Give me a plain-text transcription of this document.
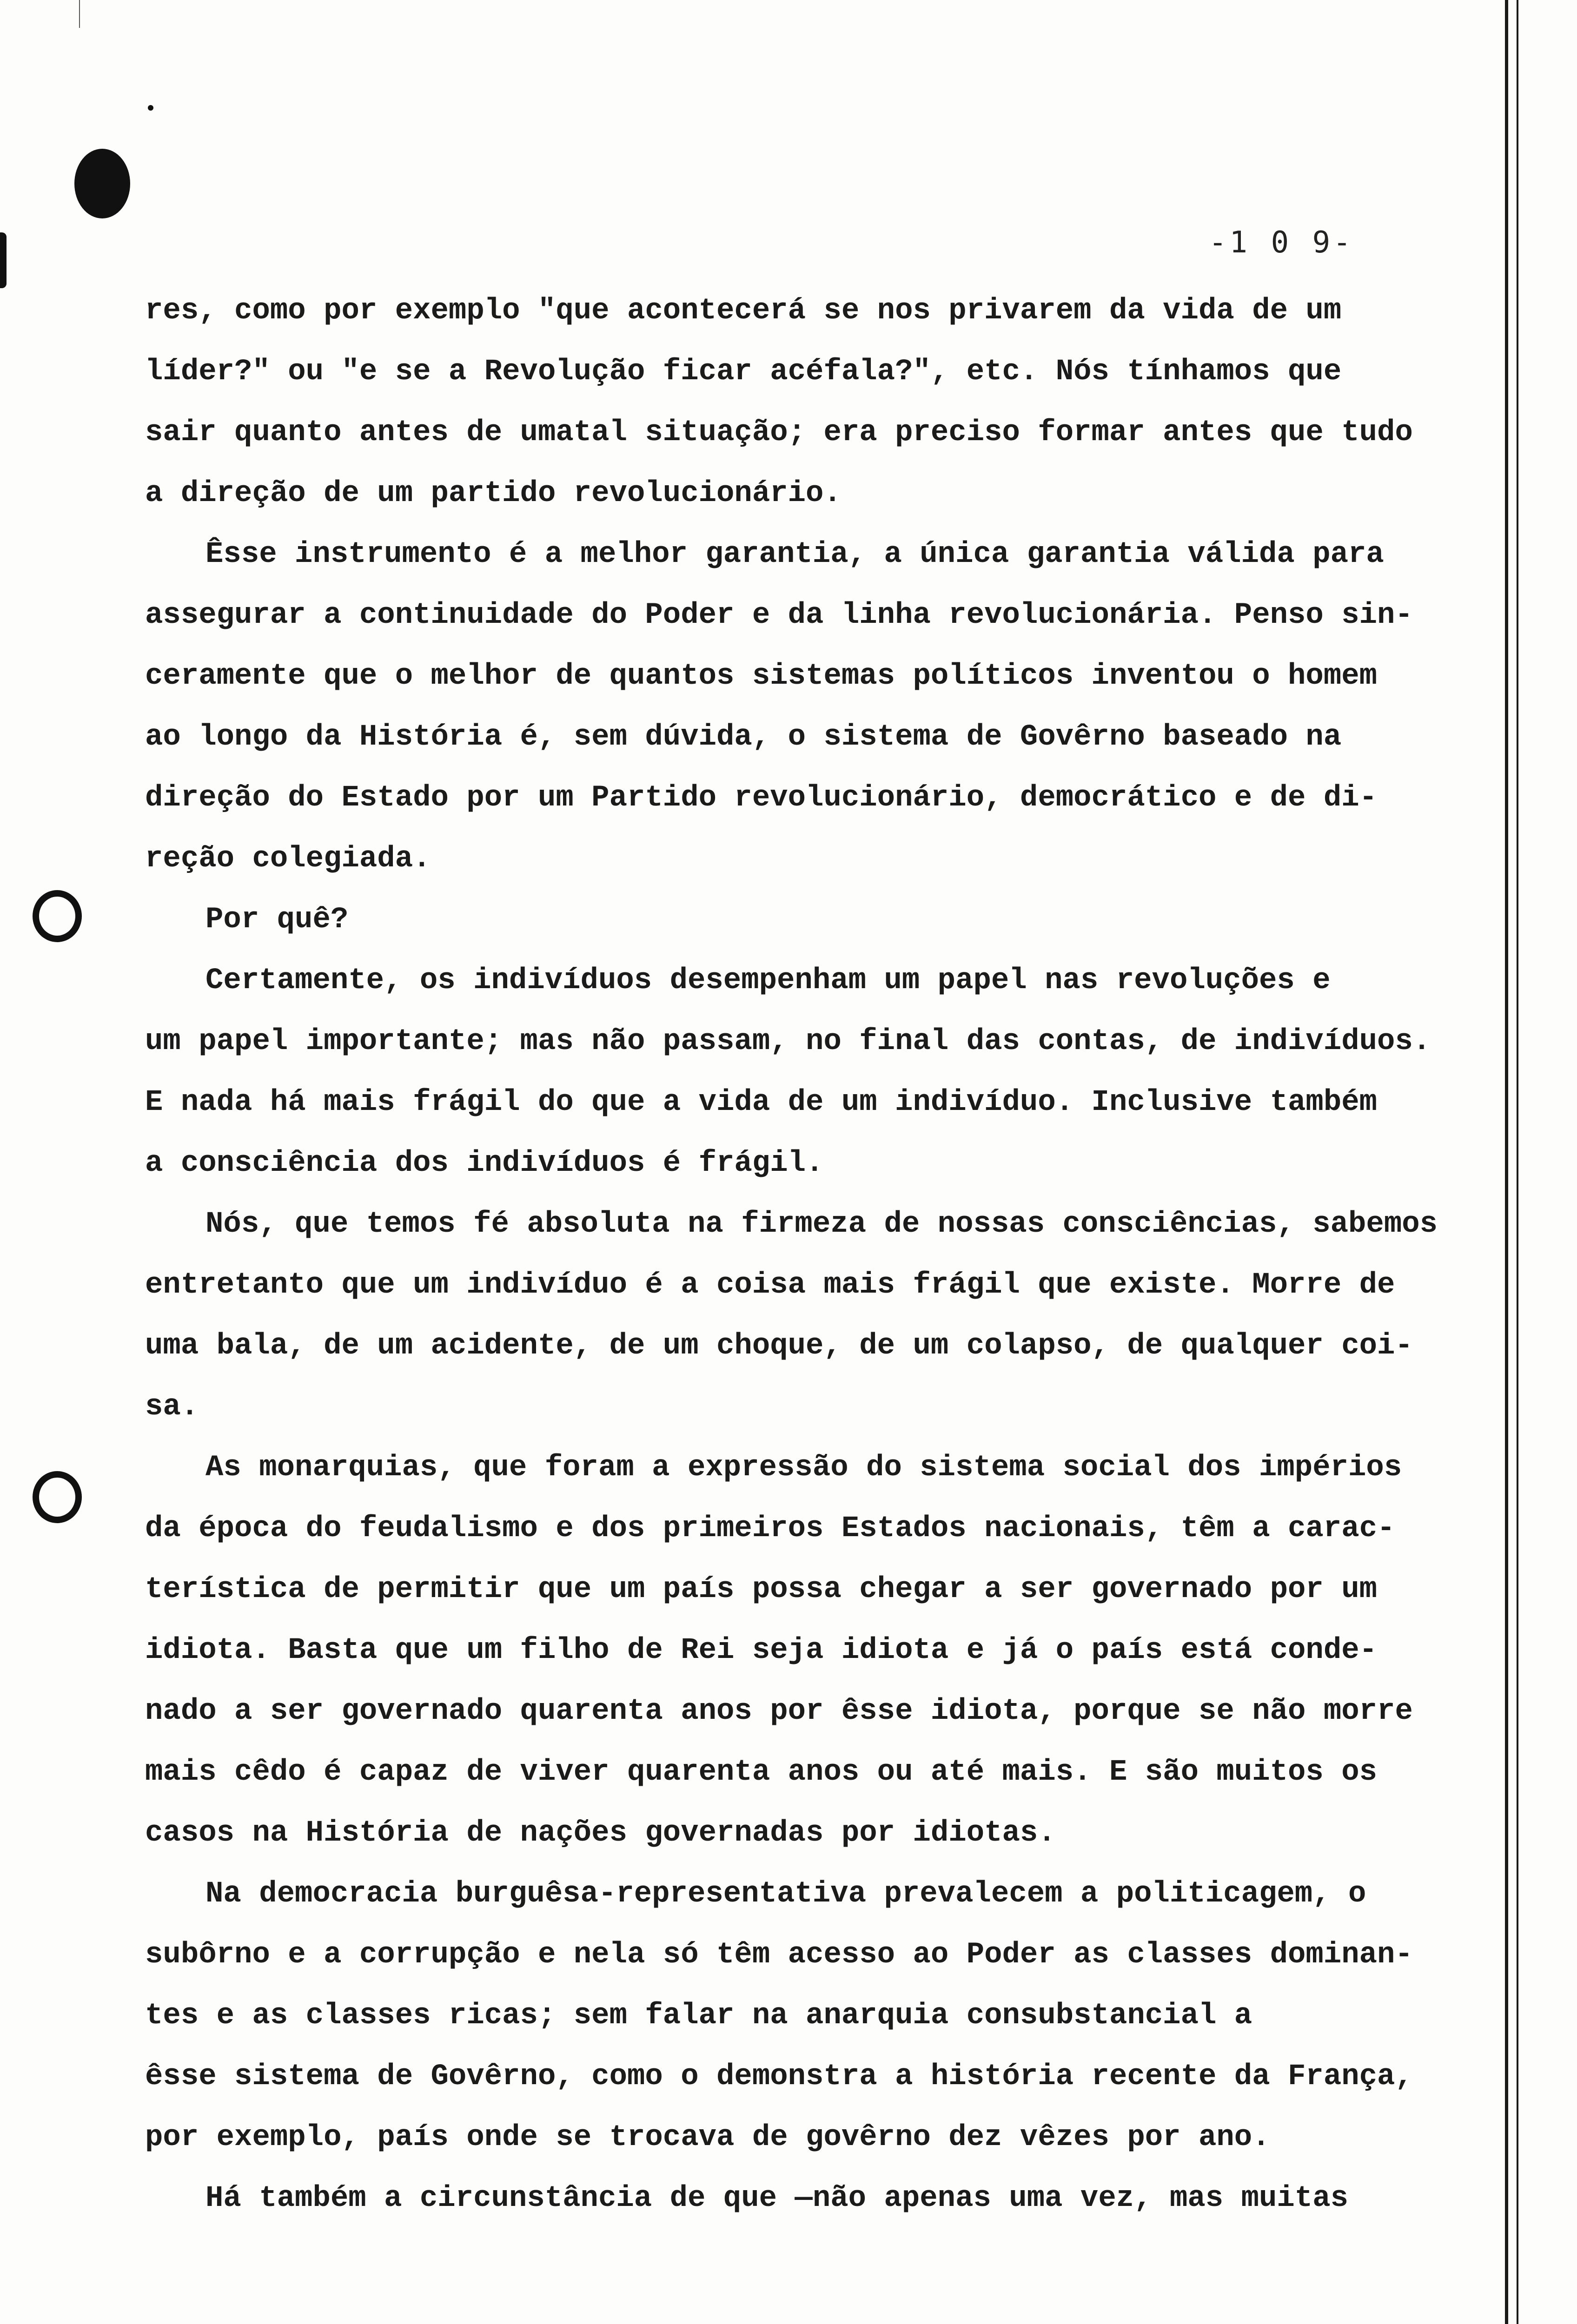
-1 0 9-

res, como por exemplo "que acontecerá se nos privarem da vida de um
líder?" ou "e se a Revolução ficar acéfala?", etc. Nós tínhamos que
sair quanto antes de umatal situação; era preciso formar antes que tudo
a direção de um partido revolucionário.
Êsse instrumento é a melhor garantia, a única garantia válida para
assegurar a continuidade do Poder e da linha revolucionária. Penso sin-
ceramente que o melhor de quantos sistemas políticos inventou o homem
ao longo da História é, sem dúvida, o sistema de Govêrno baseado na
direção do Estado por um Partido revolucionário, democrático e de di-
reção colegiada.
Por quê?
Certamente, os indivíduos desempenham um papel nas revoluções e
um papel importante; mas não passam, no final das contas, de indivíduos.
E nada há mais frágil do que a vida de um indivíduo. Inclusive também
a consciência dos indivíduos é frágil.
Nós, que temos fé absoluta na firmeza de nossas consciências, sabemos
entretanto que um indivíduo é a coisa mais frágil que existe. Morre de
uma bala, de um acidente, de um choque, de um colapso, de qualquer coi-
sa.
As monarquias, que foram a expressão do sistema social dos impérios
da época do feudalismo e dos primeiros Estados nacionais, têm a carac-
terística de permitir que um país possa chegar a ser governado por um
idiota. Basta que um filho de Rei seja idiota e já o país está conde-
nado a ser governado quarenta anos por êsse idiota, porque se não morre
mais cêdo é capaz de viver quarenta anos ou até mais. E são muitos os
casos na História de nações governadas por idiotas.
Na democracia burguêsa-representativa prevalecem a politicagem, o
subôrno e a corrupção e nela só têm acesso ao Poder as classes dominan-
tes e as classes ricas; sem falar na anarquia consubstancial a
êsse sistema de Govêrno, como o demonstra a história recente da França,
por exemplo, país onde se trocava de govêrno dez vêzes por ano.
Há também a circunstância de que —não apenas uma vez, mas muitas
